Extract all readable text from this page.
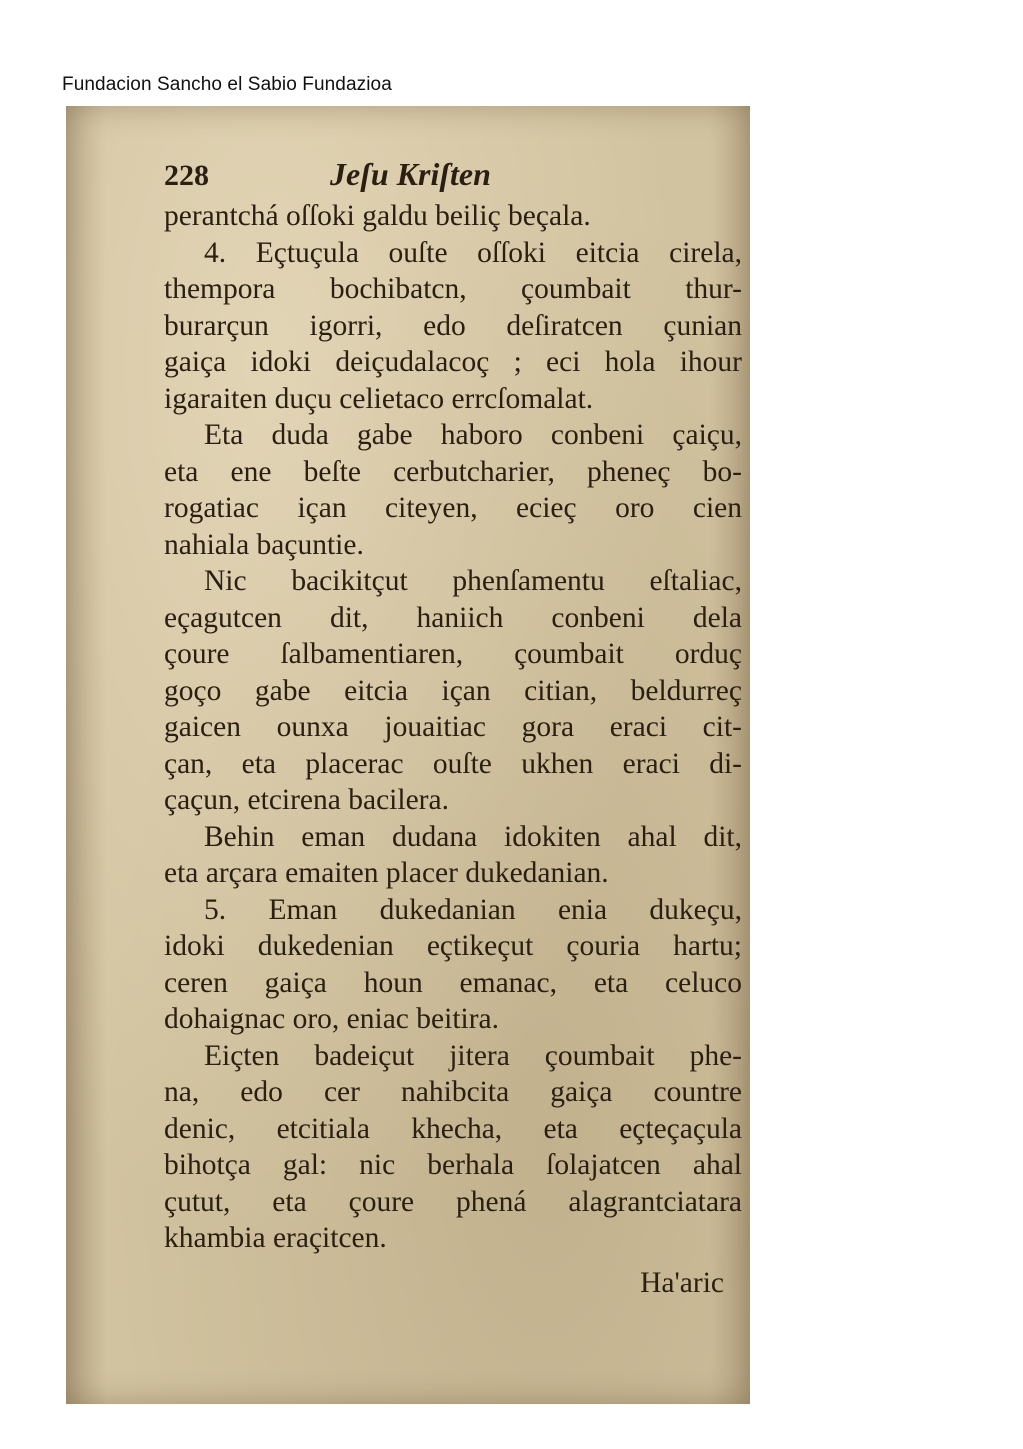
Fundacion Sancho el Sabio Fundazioa
228	Jeſu Kriſten
perantchá oſſoki galdu beiliç beçala.
4. Eçtuçula ouſte oſſoki eitcia cirela,
thempora bochibatcn, çoumbait thur-
burarçun igorri, edo deſiratcen çunian
gaiça idoki deiçudalacoç ; eci hola ihour
igaraiten duçu celietaco errcſomalat.
Eta duda gabe haboro conbeni çaiçu,
eta ene beſte cerbutcharier, pheneç bo-
rogatiac içan citeyen, ecieç oro cien
nahiala baçuntie.
Nic bacikitçut phenſamentu eſtaliac,
eçagutcen dit, haniich conbeni dela
çoure ſalbamentiaren, çoumbait orduç
goço gabe eitcia içan citian, beldurreç
gaicen ounxa jouaitiac gora eraci cit-
çan, eta placerac ouſte ukhen eraci di-
çaçun, etcirena bacilera.
Behin eman dudana idokiten ahal dit,
eta arçara emaiten placer dukedanian.
5. Eman dukedanian enia dukeçu,
idoki dukedenian eçtikeçut çouria hartu;
ceren gaiça houn emanac, eta celuco
dohaignac oro, eniac beitira.
Eiçten badeiçut jitera çoumbait phe-
na, edo cer nahibcita gaiça countre
denic, etcitiala khecha, eta eçteçaçula
bihotça gal: nic berhala ſolajatcen ahal
çutut, eta çoure phená alagrantciatara
khambia eraçitcen.
Ha'aric
